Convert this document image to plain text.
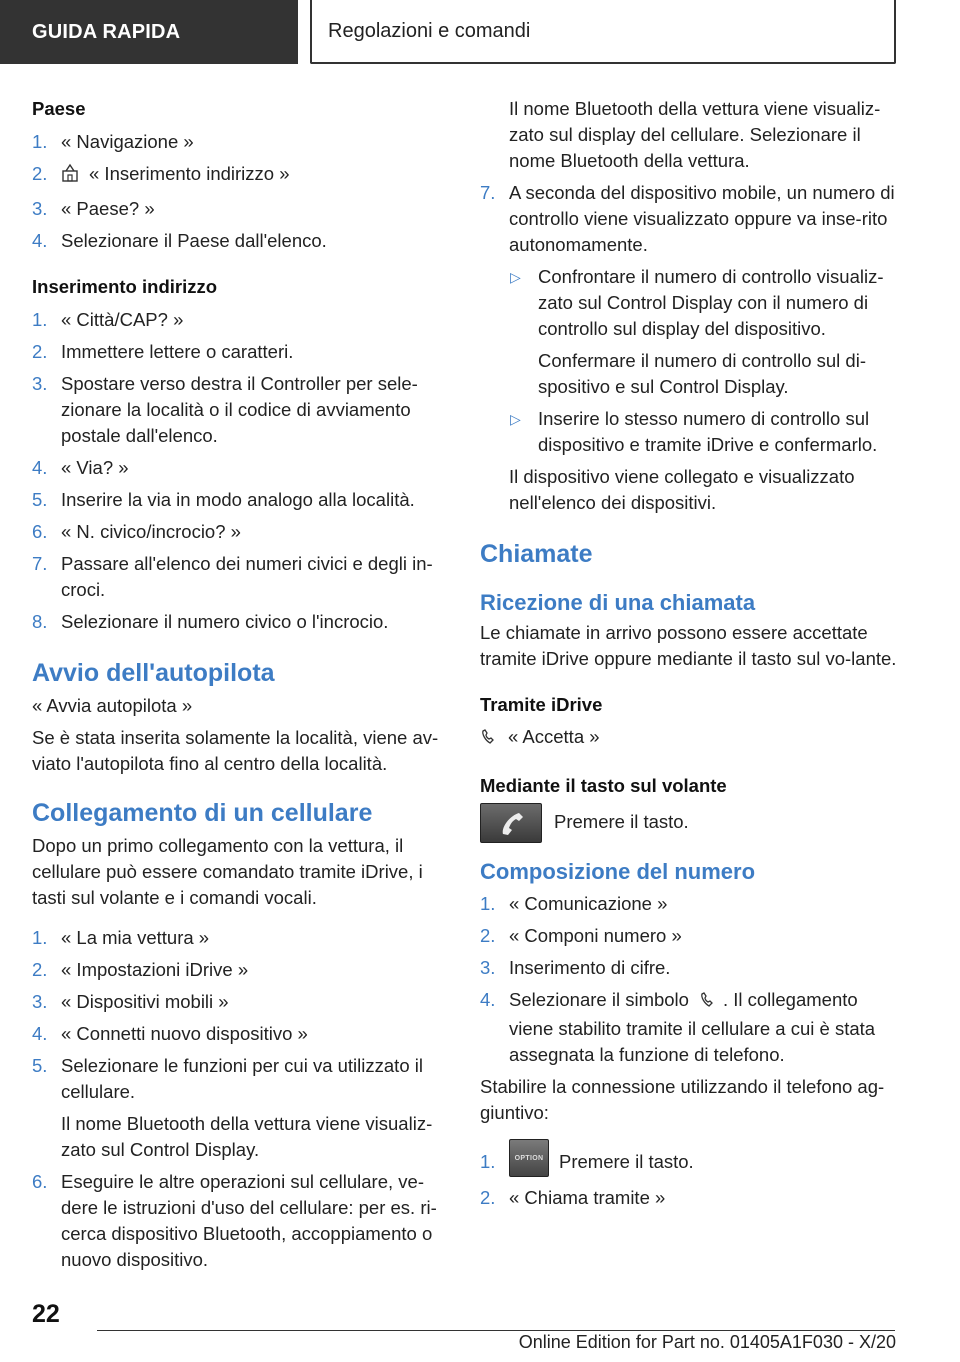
GUIDA RAPIDA	Regolazioni e comandi
Paese
1. « Navigazione »
2. « Inserimento indirizzo »
3. « Paese? »
4. Selezionare il Paese dall'elenco.
Inserimento indirizzo
1. « Città/CAP? »
2. Immettere lettere o caratteri.
3. Spostare verso destra il Controller per sele-zionare la località o il codice di avviamento postale dall'elenco.
4. « Via? »
5. Inserire la via in modo analogo alla località.
6. « N. civico/incrocio? »
7. Passare all'elenco dei numeri civici e degli in-croci.
8. Selezionare il numero civico o l'incrocio.
Avvio dell'autopilota
« Avvia autopilota »
Se è stata inserita solamente la località, viene av-viato l'autopilota fino al centro della località.
Collegamento di un cellulare
Dopo un primo collegamento con la vettura, il cellulare può essere comandato tramite iDrive, i tasti sul volante e i comandi vocali.
1. « La mia vettura »
2. « Impostazioni iDrive »
3. « Dispositivi mobili »
4. « Connetti nuovo dispositivo »
5. Selezionare le funzioni per cui va utilizzato il cellulare.
Il nome Bluetooth della vettura viene visualiz-zato sul Control Display.
6. Eseguire le altre operazioni sul cellulare, ve-dere le istruzioni d'uso del cellulare: per es. ri-cerca dispositivo Bluetooth, accoppiamento o nuovo dispositivo.
Il nome Bluetooth della vettura viene visualiz-zato sul display del cellulare. Selezionare il nome Bluetooth della vettura.
7. A seconda del dispositivo mobile, un numero di controllo viene visualizzato oppure va inse-rito autonomamente.
▷ Confrontare il numero di controllo visualiz-zato sul Control Display con il numero di controllo sul display del dispositivo.
Confermare il numero di controllo sul di-spositivo e sul Control Display.
▷ Inserire lo stesso numero di controllo sul dispositivo e tramite iDrive e confermarlo.
Il dispositivo viene collegato e visualizzato nell'elenco dei dispositivi.
Chiamate
Ricezione di una chiamata
Le chiamate in arrivo possono essere accettate tramite iDrive oppure mediante il tasto sul vo-lante.
Tramite iDrive
« Accetta »
Mediante il tasto sul volante
Premere il tasto.
Composizione del numero
1. « Comunicazione »
2. « Componi numero »
3. Inserimento di cifre.
4. Selezionare il simbolo . Il collegamento viene stabilito tramite il cellulare a cui è stata assegnata la funzione di telefono.
Stabilire la connessione utilizzando il telefono ag-giuntivo:
1.	OPTION Premere il tasto.
2. « Chiama tramite »
22
Online Edition for Part no. 01405A1F030 - X/20
